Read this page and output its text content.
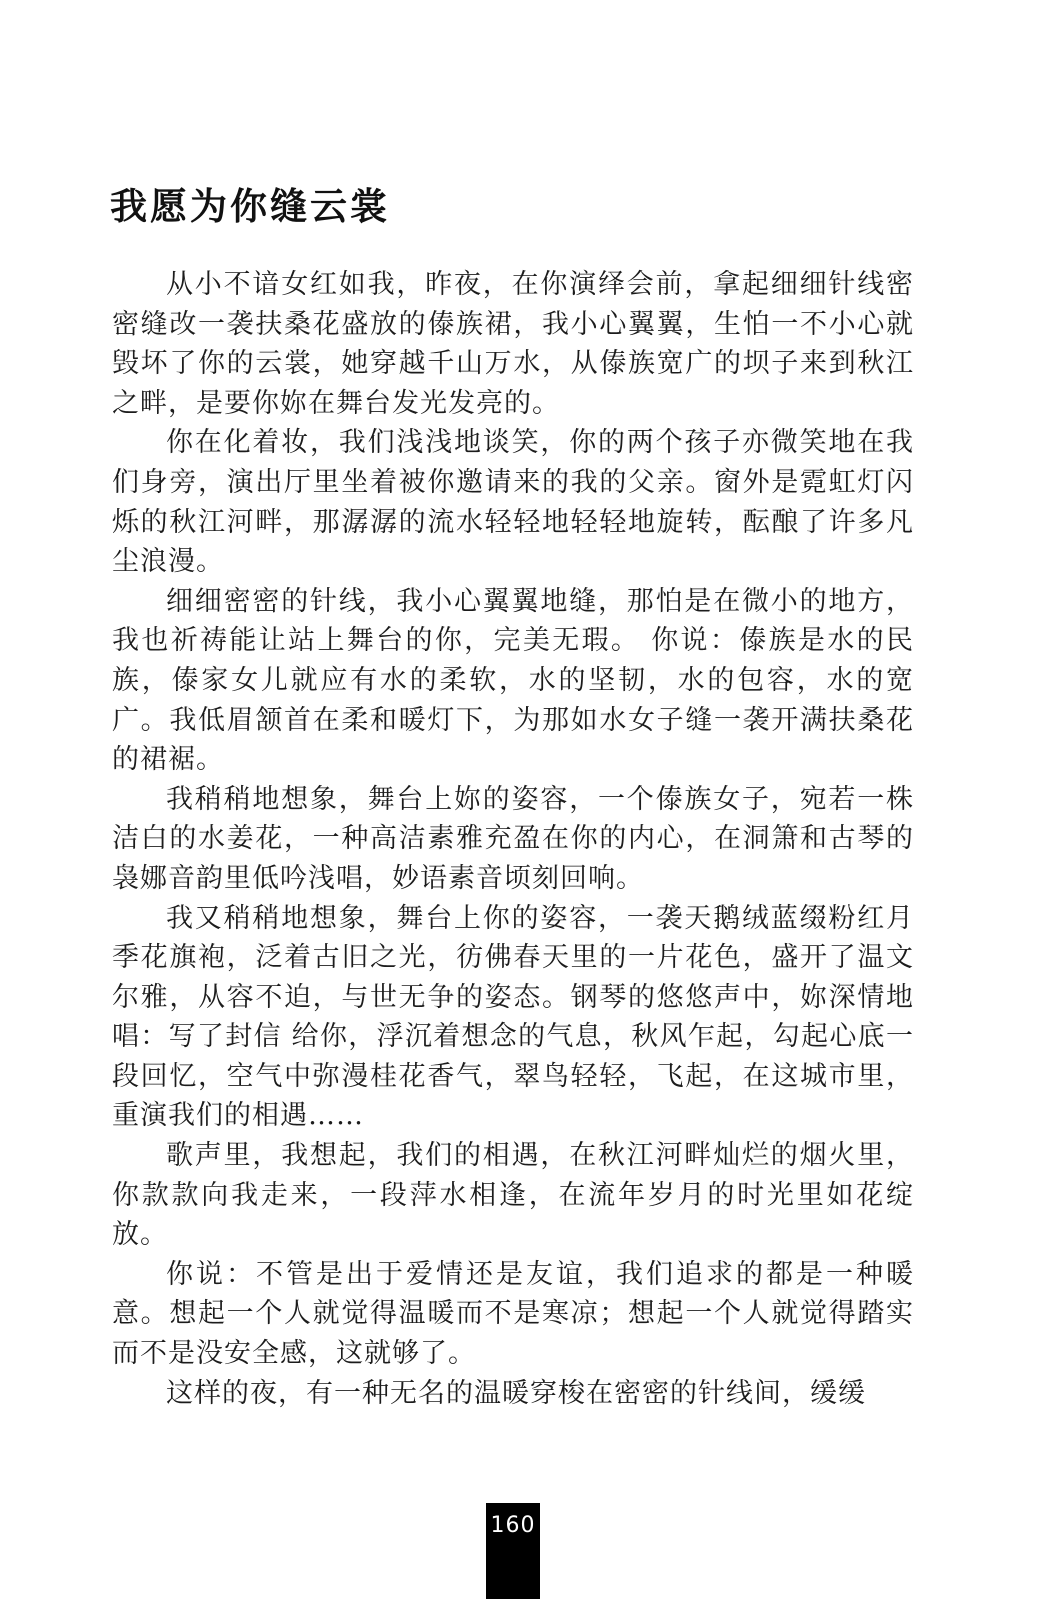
我愿为你缝云裳

从小不谙女红如我，昨夜，在你演绎会前，拿起细细针线密密缝改一袭扶桑花盛放的傣族裙，我小心翼翼，生怕一不小心就毁坏了你的云裳，她穿越千山万水，从傣族宽广的坝子来到秋江之畔，是要你妳在舞台发光发亮的。

你在化着妆，我们浅浅地谈笑，你的两个孩子亦微笑地在我们身旁，演出厅里坐着被你邀请来的我的父亲。窗外是霓虹灯闪烁的秋江河畔，那潺潺的流水轻轻地轻轻地旋转，酝酿了许多凡尘浪漫。

细细密密的针线，我小心翼翼地缝，那怕是在微小的地方，我也祈祷能让站上舞台的你，完美无瑕。 你说：傣族是水的民族，傣家女儿就应有水的柔软，水的坚韧，水的包容，水的宽广。我低眉颔首在柔和暖灯下，为那如水女子缝一袭开满扶桑花的裙裾。

我稍稍地想象，舞台上妳的姿容，一个傣族女子，宛若一株洁白的水姜花，一种高洁素雅充盈在你的内心，在洞箫和古琴的袅娜音韵里低吟浅唱，妙语素音顷刻回响。

我又稍稍地想象，舞台上你的姿容，一袭天鹅绒蓝缀粉红月季花旗袍，泛着古旧之光，彷佛春天里的一片花色，盛开了温文尔雅，从容不迫，与世无争的姿态。钢琴的悠悠声中，妳深情地唱：写了封信 给你，浮沉着想念的气息，秋风乍起，勾起心底一段回忆，空气中弥漫桂花香气，翠鸟轻轻，飞起，在这城市里，重演我们的相遇……

歌声里，我想起，我们的相遇，在秋江河畔灿烂的烟火里，你款款向我走来，一段萍水相逢，在流年岁月的时光里如花绽放。

你说：不管是出于爱情还是友谊，我们追求的都是一种暖意。想起一个人就觉得温暖而不是寒凉；想起一个人就觉得踏实而不是没安全感，这就够了。

这样的夜，有一种无名的温暖穿梭在密密的针线间，缓缓

160
